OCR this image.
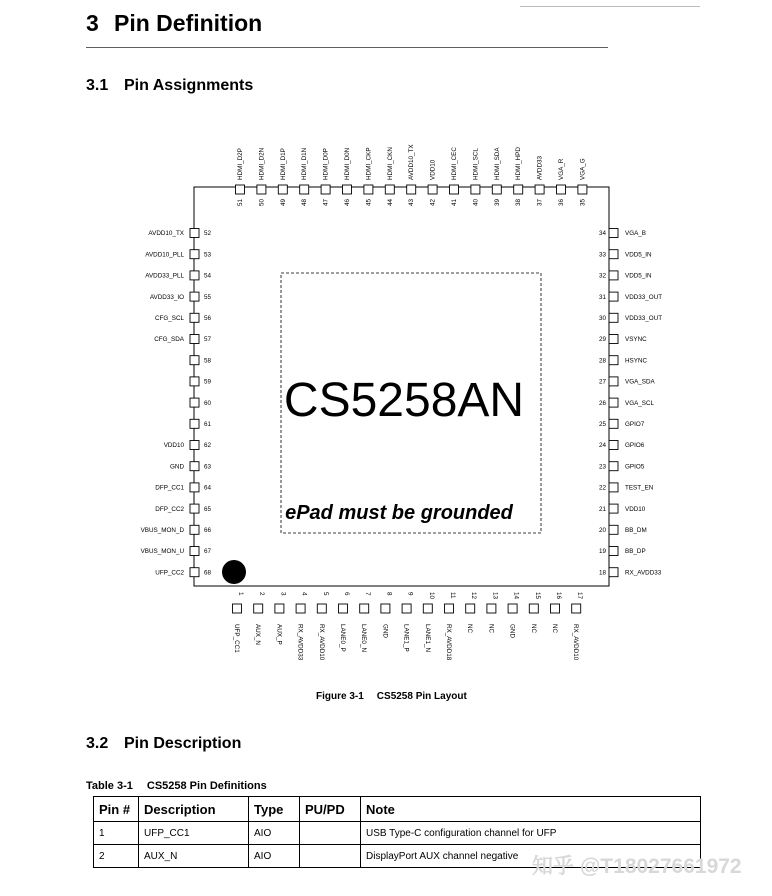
3 Pin Definition
3.1 Pin Assignments
CS5258AN
ePad must be grounded
51
HDMI_D2P
50
HDMI_D2N
49
HDMI_D1P
48
HDMI_D1N
47
HDMI_D0P
46
HDMI_D0N
45
HDMI_CKP
44
HDMI_CKN
43
AVDD10_TX
42
VDD10
41
HDMI_CEC
40
HDMI_SCL
39
HDMI_SDA
38
HDMI_HPD
37
AVDD33
36
VGA_R
35
VGA_G
52
AVDD10_TX
53
AVDD10_PLL
54
AVDD33_PLL
55
AVDD33_IO
56
CFG_SCL
57
CFG_SDA
58
59
60
61
62
VDD10
63
GND
64
DFP_CC1
65
DFP_CC2
66
VBUS_MON_D
67
VBUS_MON_U
68
UFP_CC2
34	VGA_B
33	VDD5_IN
32	VDD5_IN
31	VDD33_OUT
30	VDD33_OUT
29	VSYNC
28	HSYNC
27	VGA_SDA
26	VGA_SCL
25	GPIO7
24	GPIO6
23	GPIO5
22	TEST_EN
21	VDD10
20	BB_DM
19	BB_DP
18	RX_AVDD33
1
UFP_CC1
2
AUX_N
3
AUX_P
4
RX_AVDD33
5
RX_AVDD10
6
LANE0_P
7
LANE0_N
8
GND
9
LANE1_P
10
LANE1_N
11
RX_AVDD18
12
NC
13
NC
14
GND
15
NC
16
NC
17
RX_AVDD10
Figure 3-1 CS5258 Pin Layout
3.2 Pin Description
Table 3-1 CS5258 Pin Definitions
Pin #	Description	Type	PU/PD	Note
1	UFP_CC1	AIO		USB Type-C configuration channel for UFP
2	AUX_N	AIO		DisplayPort AUX channel negative 知乎 @T18027661972
